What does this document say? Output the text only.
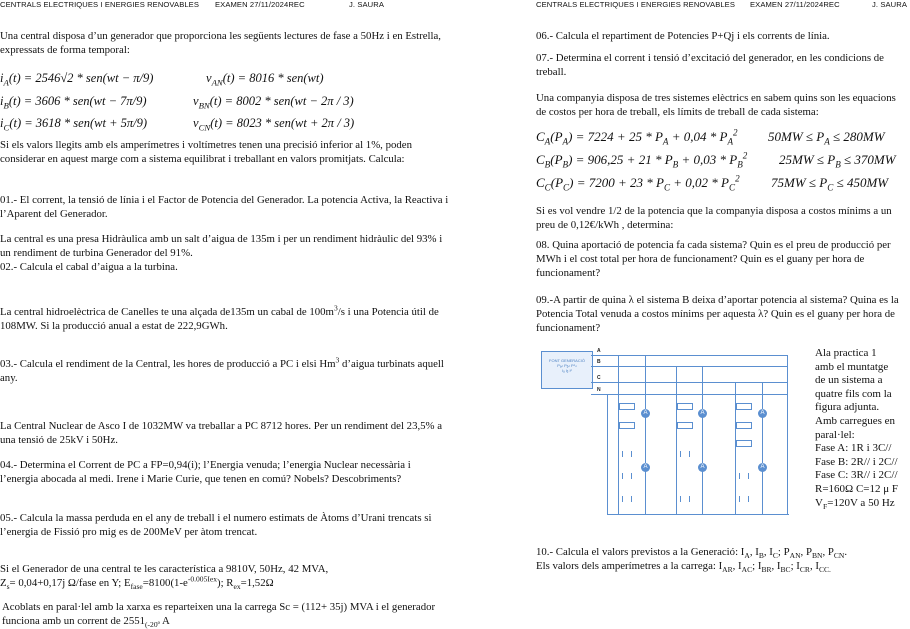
CENTRALS ELECTRIQUES I ENERGIES RENOVABLES EXAMEN 27/11/2024REC	J. SAURA

Una central disposa d’un generador que proporciona les següents lectures de fase a 50Hz i en Estrella, expressats de forma temporal:

$i_A(t) = 2546√2 * sen(wt - \pi/9)$	$v_{AN}(t) = 8016 * sen(wt)$
$i_B(t) = 3606 * sen(wt - 7\pi/9)$	$v_{BN}(t) = 8002 * sen(wt - 2\pi / 3)$
$i_C(t) = 3618 * sen(wt + 5\pi/9)$	$v_{CN}(t) = 8023 * sen(wt + 2\pi / 3)$

Si els valors llegits amb els amperímetres i voltímetres tenen una precisió inferior al 1%, poden considerar en aquest marge com a sistema equilibrat i treballant en valors promitjats. Calcula:

01.- El corrent, la tensió de línia i el Factor de Potencia del Generador. La potencia Activa, la Reactiva i l’Aparent del Generador.

La central es una presa Hidràulica amb un salt d’aigua de 135m i per un rendiment hidràulic del 93% i un rendiment de turbina Generador del 91%.

02.- Calcula el cabal d’aigua a la turbina.

La central hidroelèctrica de Canelles te una alçada de135m un cabal de $100m^3/s$ i una Potencia útil de 108MW. Si la producció anual a estat de 222,9GWh.

03.- Calcula el rendiment de la Central, les hores de producció a PC i elsi Hm$^3$ d’aigua turbinats aquell any.

La Central Nuclear de Asco I de 1032MW va treballar a PC 8712 hores. Per un rendiment del 23,5% a una tensió de 25kV i 50Hz.

04.- Determina el Corrent de PC a FP=0,94(i); l’Energia venuda; l’energia Nuclear necessària i l’energia abocada al medi. Irene i Marie Curie, que tenen en comú? Nobels? Descobriments?

05.- Calcula la massa perduda en el any de treball i el numero estimats de Àtoms d’Urani trencats si l’energia de Fissió pro mig es de 200MeV per àtom trencat.

Si el Generador de una central te les característica a 9810V, 50Hz, 42 MVA,
$Z_s= 0,04+0,17j$ Ω/fase en Y; $E_{fase}=8100(1-e^{-0.005Iex})$; $R_{ex}=1,52\Omega$

Acoblats en paral·lel amb la xarxa es reparteixen una la carrega Sc = (112+ 35j) MVA i el generador funciona amb un corrent de $2551_{(-20º}$ A

CENTRALS ELECTRIQUES I ENERGIES RENOVABLES EXAMEN 27/11/2024REC	J. SAURA

06.- Calcula el repartiment de Potencies P+Qj i els corrents de línia.

07.- Determina el corrent i tensió d’excitació del generador, en les condicions de treball.

Una companyia disposa de tres sistemes elèctrics en sabem quins son les equacions de costos per hora de treball, els límits de treball de cada sistema:

$C_A(P_A) = 7224 + 25 * P_A + 0,04 * P_A^2$ $50MW \le P_A \le 280MW$
$C_B(P_B) = 906,25 + 21 * P_B + 0,03 * P_B^2$ $25MW \le P_B \le 370MW$
$C_C(P_C) = 7200 + 23 * P_C + 0,02 * P_C^2$ $75MW \le P_C \le 450MW$

Si es vol vendre 1/2 de la potencia que la companyia disposa a costos mínims a un preu de 0,12€/kWh , determina:

08. Quina aportació de potencia fa cada sistema? Quin es el preu de producció per MWh i el cost total per hora de funcionament? Quin es el guany per hora de funcionament?

09.-A partir de quina λ el sistema B deixa d’aportar potencia al sistema? Quina es la Potencia Total venuda a costos mínims per aquesta λ? Quin es el guany per hora de funcionament?

FONT GENERACIÓ
Pₐₙ Pᵦₙ Pᶜₙ
Iₐ Iᵦ Iᶜ
A
B
C
N
A
A
A
A
A
A
Ala practica 1
amb el muntatge
de un sistema a
quatre fils com la
figura adjunta.
Amb carregues en
paral·lel:
Fase A: 1R i 3C//
Fase B: 2R// i 2C//
Fase C: 3R// i 2C//
R=160Ω C=12 μ F
$V_F=120V$ a 50 Hz

10.- Calcula el valors previstos a la Generació: $I_A$, $I_B$, $I_C$; $P_{AN}$, $P_{BN}$, $P_{CN}$.
Els valors dels amperímetres a la carrega: $I_{AR}$, $I_{AC}$; $I_{BR}$, $I_{BC}$; $I_{CR}$, $I_{CC.}$
